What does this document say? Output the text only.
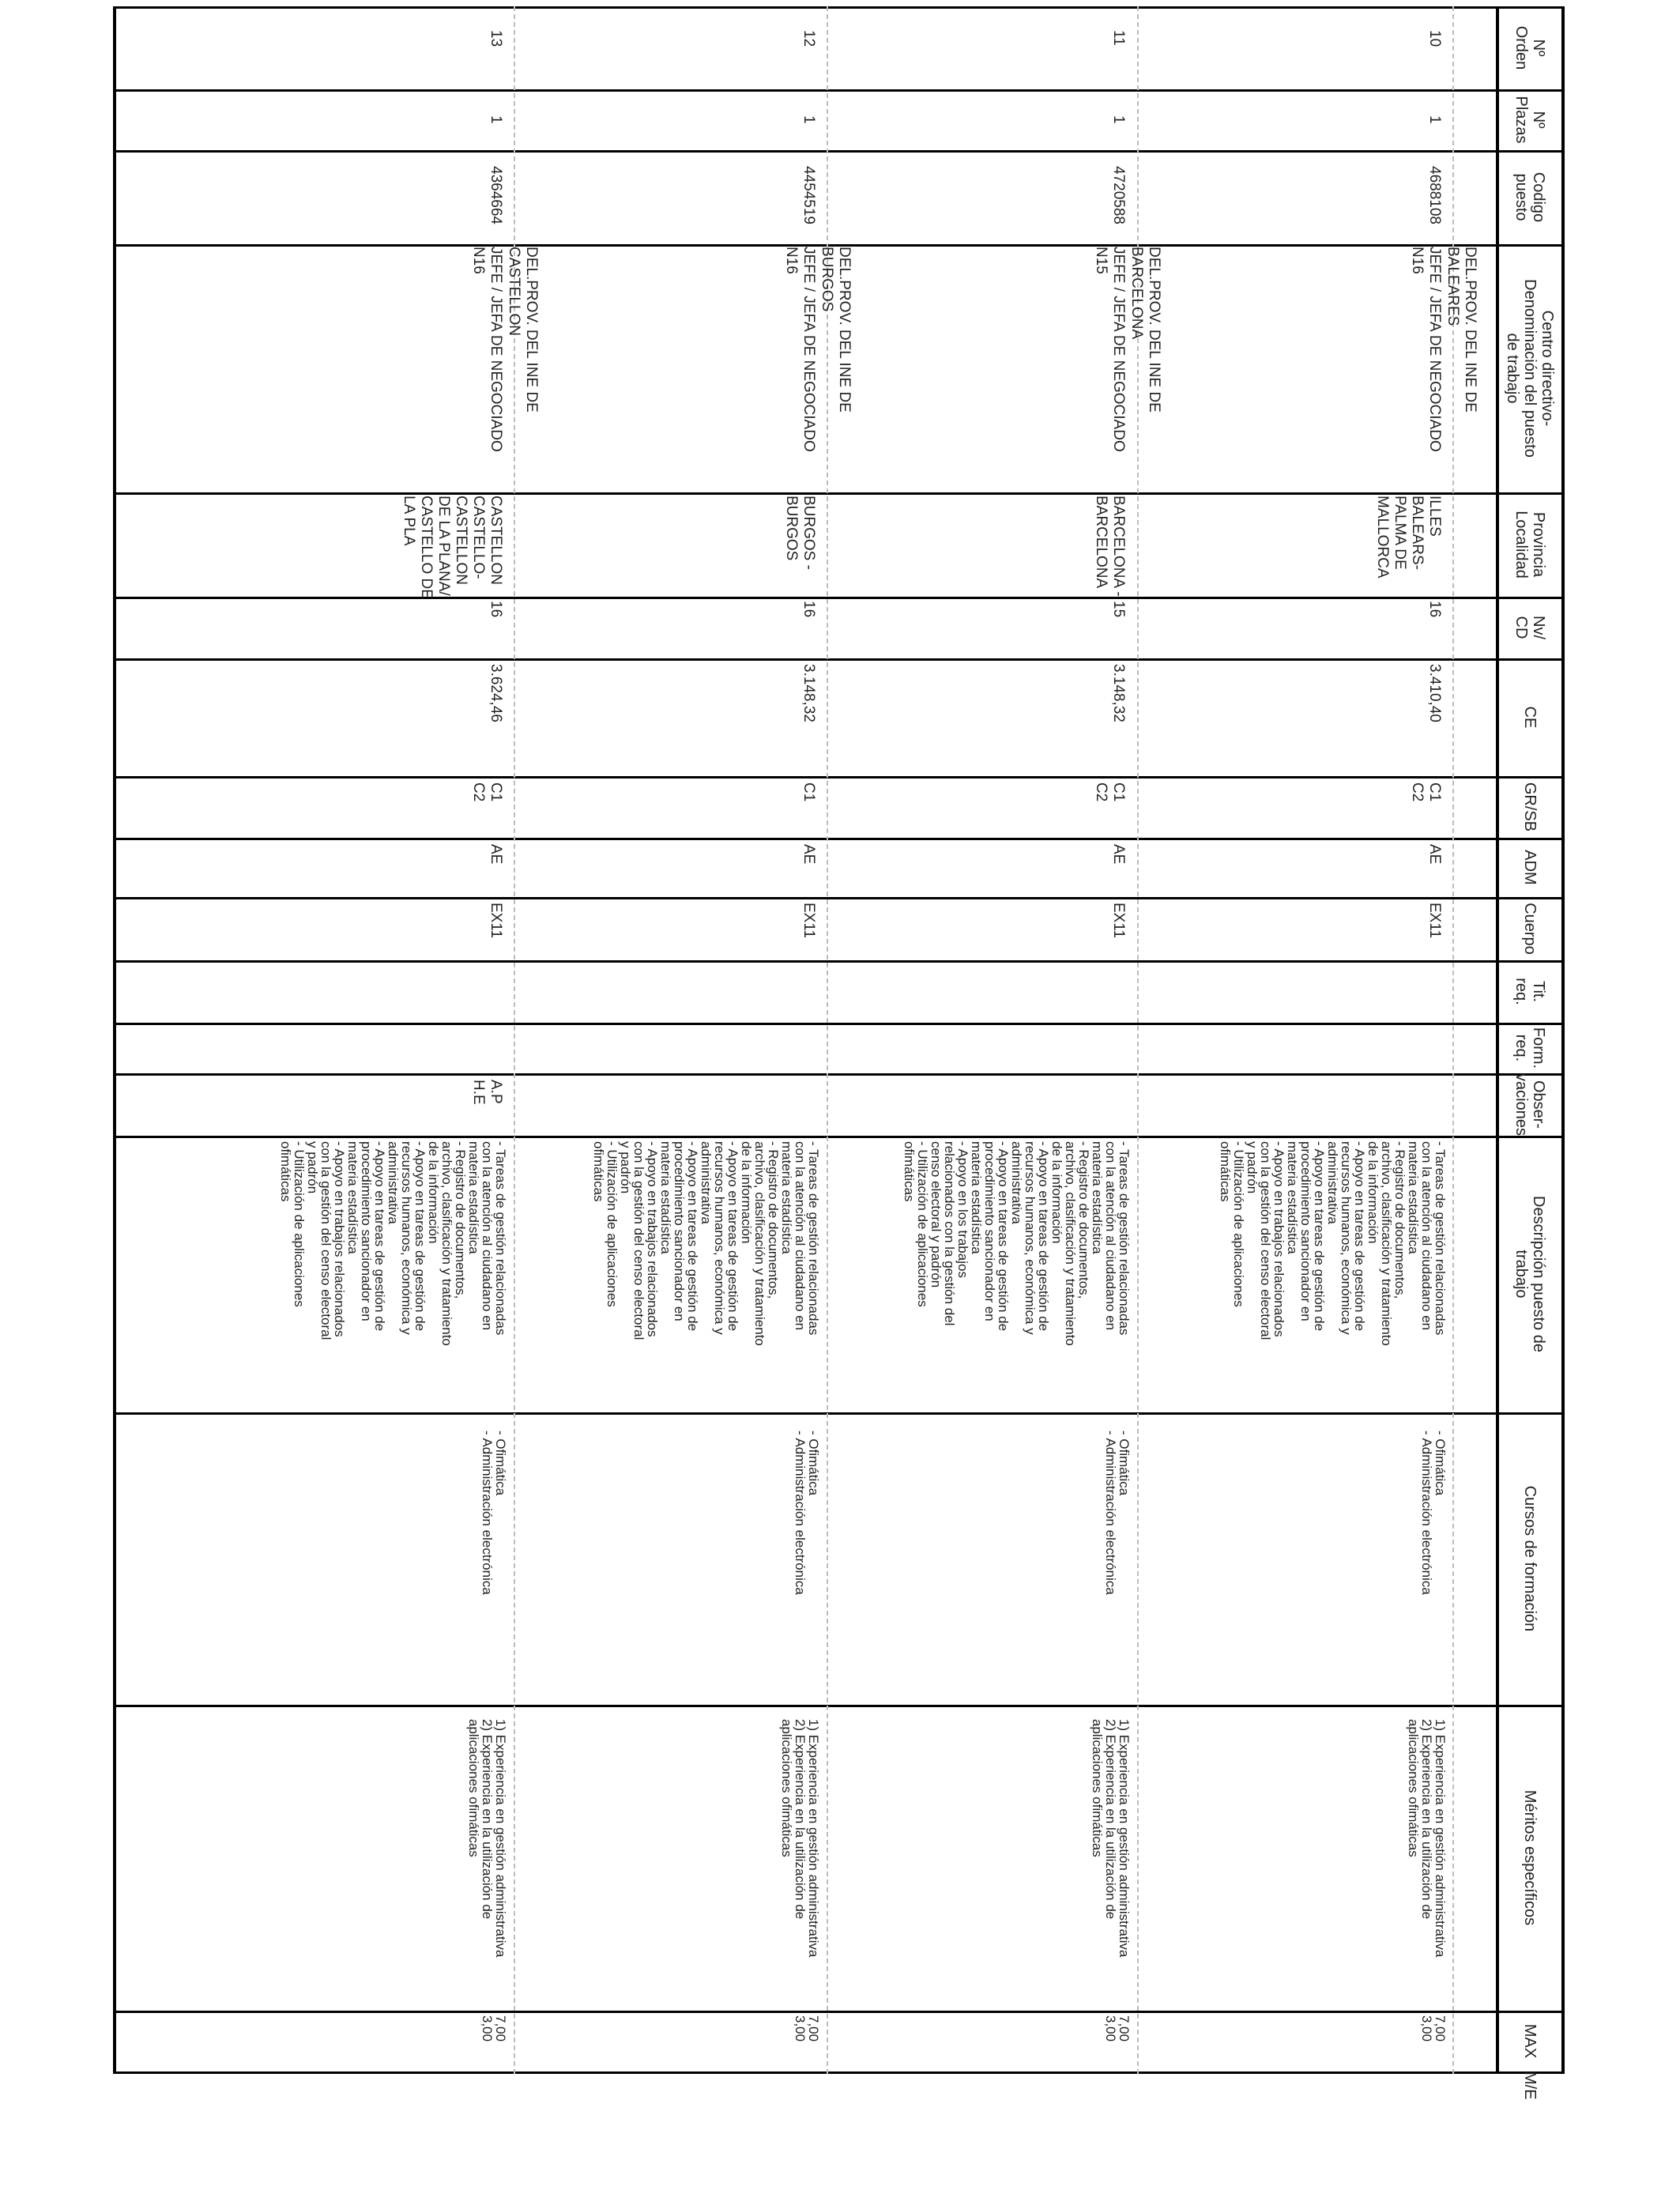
Nº
Orden
Nº
Plazas
Codigo
puesto
Centro directivo-
Denominación del puesto
de trabajo
Provincia
Localidad
Nv/
CD
CE
GR/SB
ADM
Cuerpo
Tit.
req.
Form.
req.
Obser-
vaciones
Descripción puesto de
trabajo
Cursos de formación
Méritos específicos
MAX
M/E
10
1
4688108
DEL.PROV. DEL INE DE
BALEARES
JEFE / JEFA DE NEGOCIADO
N16
ILLES
BALEARS-
PALMA DE
MALLORCA
16
3.410,40
C1
C2
AE
EX11
- Tareas de gestión relacionadas
con la atención al ciudadano en
materia estadística
- Registro de documentos,
archivo, clasificación y tratamiento
de la información
- Apoyo en tareas de gestión de
recursos humanos, económica y
administrativa
- Apoyo en tareas de gestión de
procedimiento sancionador en
materia estadística
- Apoyo en trabajos relacionados
con la gestión del censo electoral
y padrón
- Utilización de aplicaciones
ofimáticas
- Ofimática
- Administración electrónica
1) Experiencia en gestión administrativa
2) Experiencia en la utilización de
aplicaciones ofimáticas
7,00
3,00
11
1
4720588
DEL.PROV. DEL INE DE
BARCELONA
JEFE / JEFA DE NEGOCIADO
N15
BARCELONA -
BARCELONA
15
3.148,32
C1
C2
AE
EX11
- Tareas de gestión relacionadas
con la atención al ciudadano en
materia estadística
- Registro de documentos,
archivo, clasificación y tratamiento
de la información
- Apoyo en tareas de gestión de
recursos humanos, económica y
administrativa
- Apoyo en tareas de gestión de
procedimiento sancionador en
materia estadística
- Apoyo en los trabajos
relacionados con la gestión del
censo electoral y padrón
- Utilización de aplicaciones
ofimáticas
- Ofimática
- Administración electrónica
1) Experiencia en gestión administrativa
2) Experiencia en la utilización de
aplicaciones ofimáticas
7,00
3,00
12
1
4454519
DEL.PROV. DEL INE DE
BURGOS
JEFE / JEFA DE NEGOCIADO
N16
BURGOS -
BURGOS
16
3.148,32
C1
AE
EX11
- Tareas de gestión relacionadas
con la atención al ciudadano en
materia estadística
- Registro de documentos,
archivo, clasificación y tratamiento
de la información
- Apoyo en tareas de gestión de
recursos humanos, económica y
administrativa
- Apoyo en tareas de gestión de
procedimiento sancionador en
materia estadística
- Apoyo en trabajos relacionados
con la gestión del censo electoral
y padrón
- Utilización de aplicaciones
ofimáticas
- Ofimática
- Administración electrónica
1) Experiencia en gestión administrativa
2) Experiencia en la utilización de
aplicaciones ofimáticas
7,00
3,00
13
1
4364664
DEL.PROV. DEL INE DE
CASTELLON
JEFE / JEFA DE NEGOCIADO
N16
CASTELLON
CASTELLO-
CASTELLON
DE LA PLANA/
CASTELLO DE
LA PLA
16
3.624,46
C1
C2
AE
EX11
A.P
H.E
- Tareas de gestión relacionadas
con la atención al ciudadano en
materia estadística
- Registro de documentos,
archivo, clasificación y tratamiento
de la información
- Apoyo en tareas de gestión de
recursos humanos, económica y
administrativa
- Apoyo en tareas de gestión de
procedimiento sancionador en
materia estadística
- Apoyo en trabajos relacionados
con la gestión del censo electoral
y padrón
- Utilización de aplicaciones
ofimáticas
- Ofimática
- Administración electrónica
1) Experiencia en gestión administrativa
2) Experiencia en la utilización de
aplicaciones ofimáticas
7,00
3,00
